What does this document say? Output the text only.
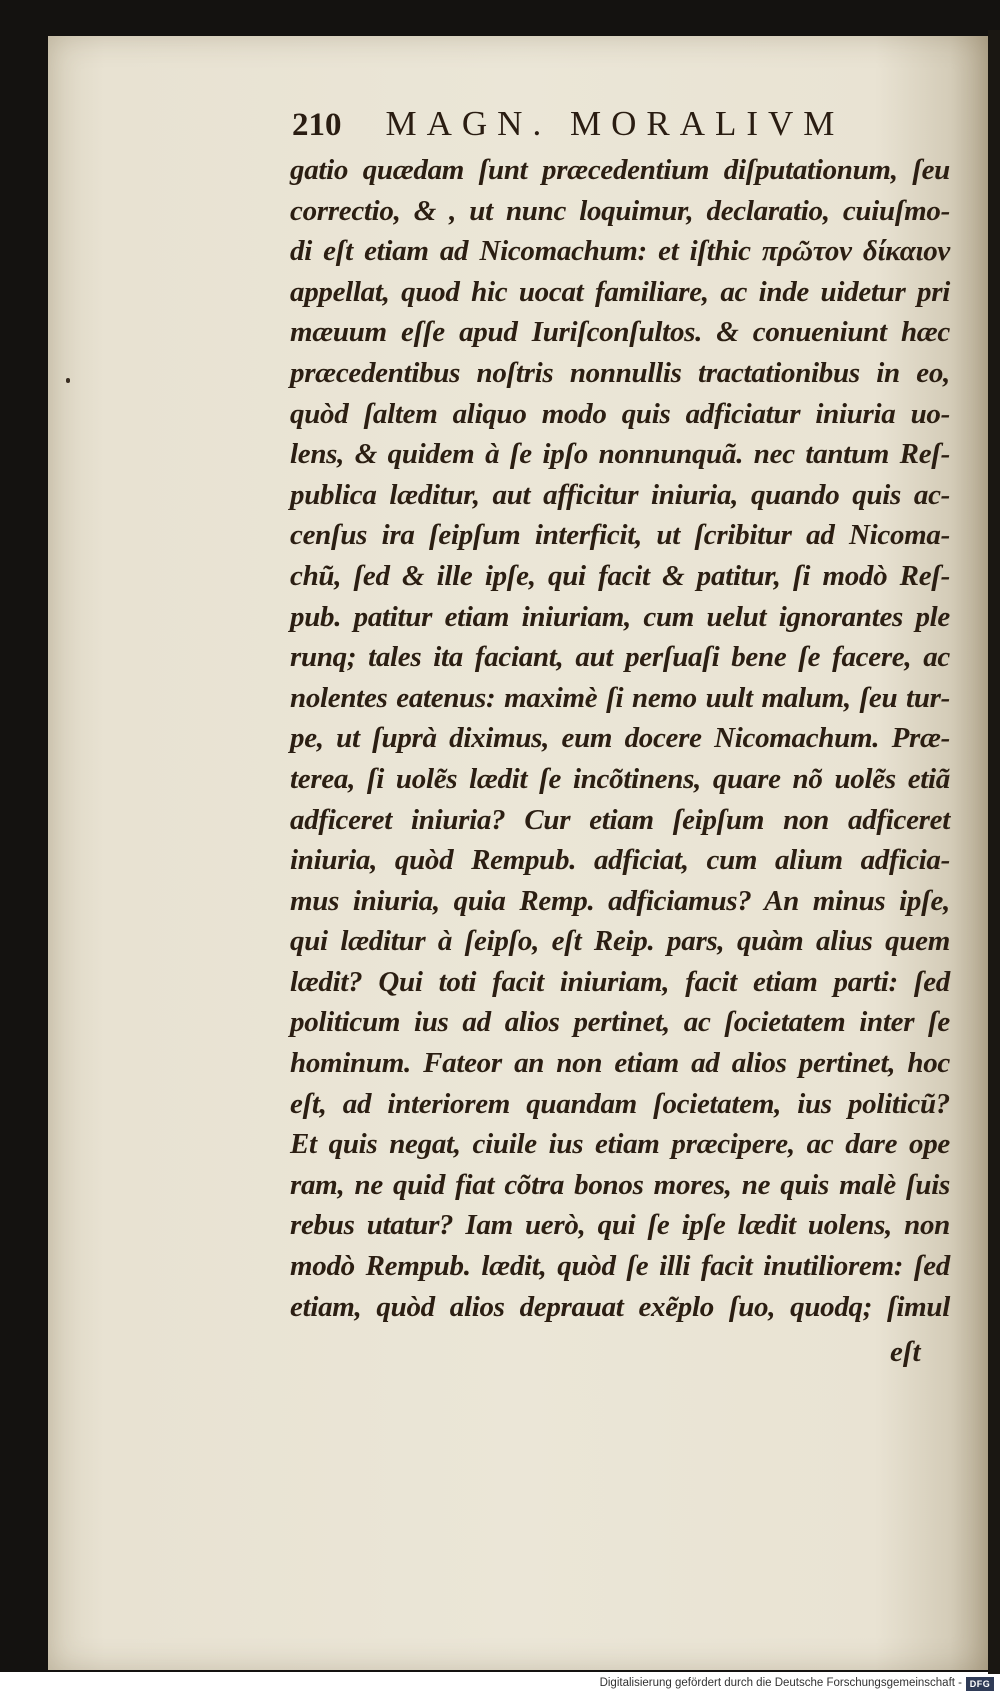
210 MAGN. MORALIVM
gatio quædam ſunt præcedentium diſputationum, ſeu
correctio, & , ut nunc loquimur, declaratio, cuiuſmo-
di eſt etiam ad Nicomachum: et iſthic πρῶτον δίκαιον
appellat, quod hic uocat familiare, ac inde uidetur pri
mæuum eſſe apud Iuriſconſultos. & conueniunt hæc
præcedentibus noſtris nonnullis tractationibus in eo,
quòd ſaltem aliquo modo quis adficiatur iniuria uo-
lens, & quidem à ſe ipſo nonnunquã. nec tantum Reſ-
publica læditur, aut afficitur iniuria, quando quis ac-
cenſus ira ſeipſum interficit, ut ſcribitur ad Nicoma-
chũ, ſed & ille ipſe, qui facit & patitur, ſi modò Reſ-
pub. patitur etiam iniuriam, cum uelut ignorantes ple
runq; tales ita faciant, aut perſuaſi bene ſe facere, ac
nolentes eatenus: maximè ſi nemo uult malum, ſeu tur-
pe, ut ſuprà diximus, eum docere Nicomachum. Præ-
terea, ſi uolẽs lædit ſe incõtinens, quare nõ uolẽs etiã
adficeret iniuria? Cur etiam ſeipſum non adficeret
iniuria, quòd Rempub. adficiat, cum alium adficia-
mus iniuria, quia Remp. adficiamus? An minus ipſe,
qui læditur à ſeipſo, eſt Reip. pars, quàm alius quem
lædit? Qui toti facit iniuriam, facit etiam parti: ſed
politicum ius ad alios pertinet, ac ſocietatem inter ſe
hominum. Fateor an non etiam ad alios pertinet, hoc
eſt, ad interiorem quandam ſocietatem, ius politicũ?
Et quis negat, ciuile ius etiam præcipere, ac dare ope
ram, ne quid fiat cõtra bonos mores, ne quis malè ſuis
rebus utatur? Iam uerò, qui ſe ipſe lædit uolens, non
modò Rempub. lædit, quòd ſe illi facit inutiliorem: ſed
etiam, quòd alios deprauat exẽplo ſuo, quodq; ſimul
eſt
Digitalisierung gefördert durch die Deutsche Forschungsgemeinschaft - DFG
